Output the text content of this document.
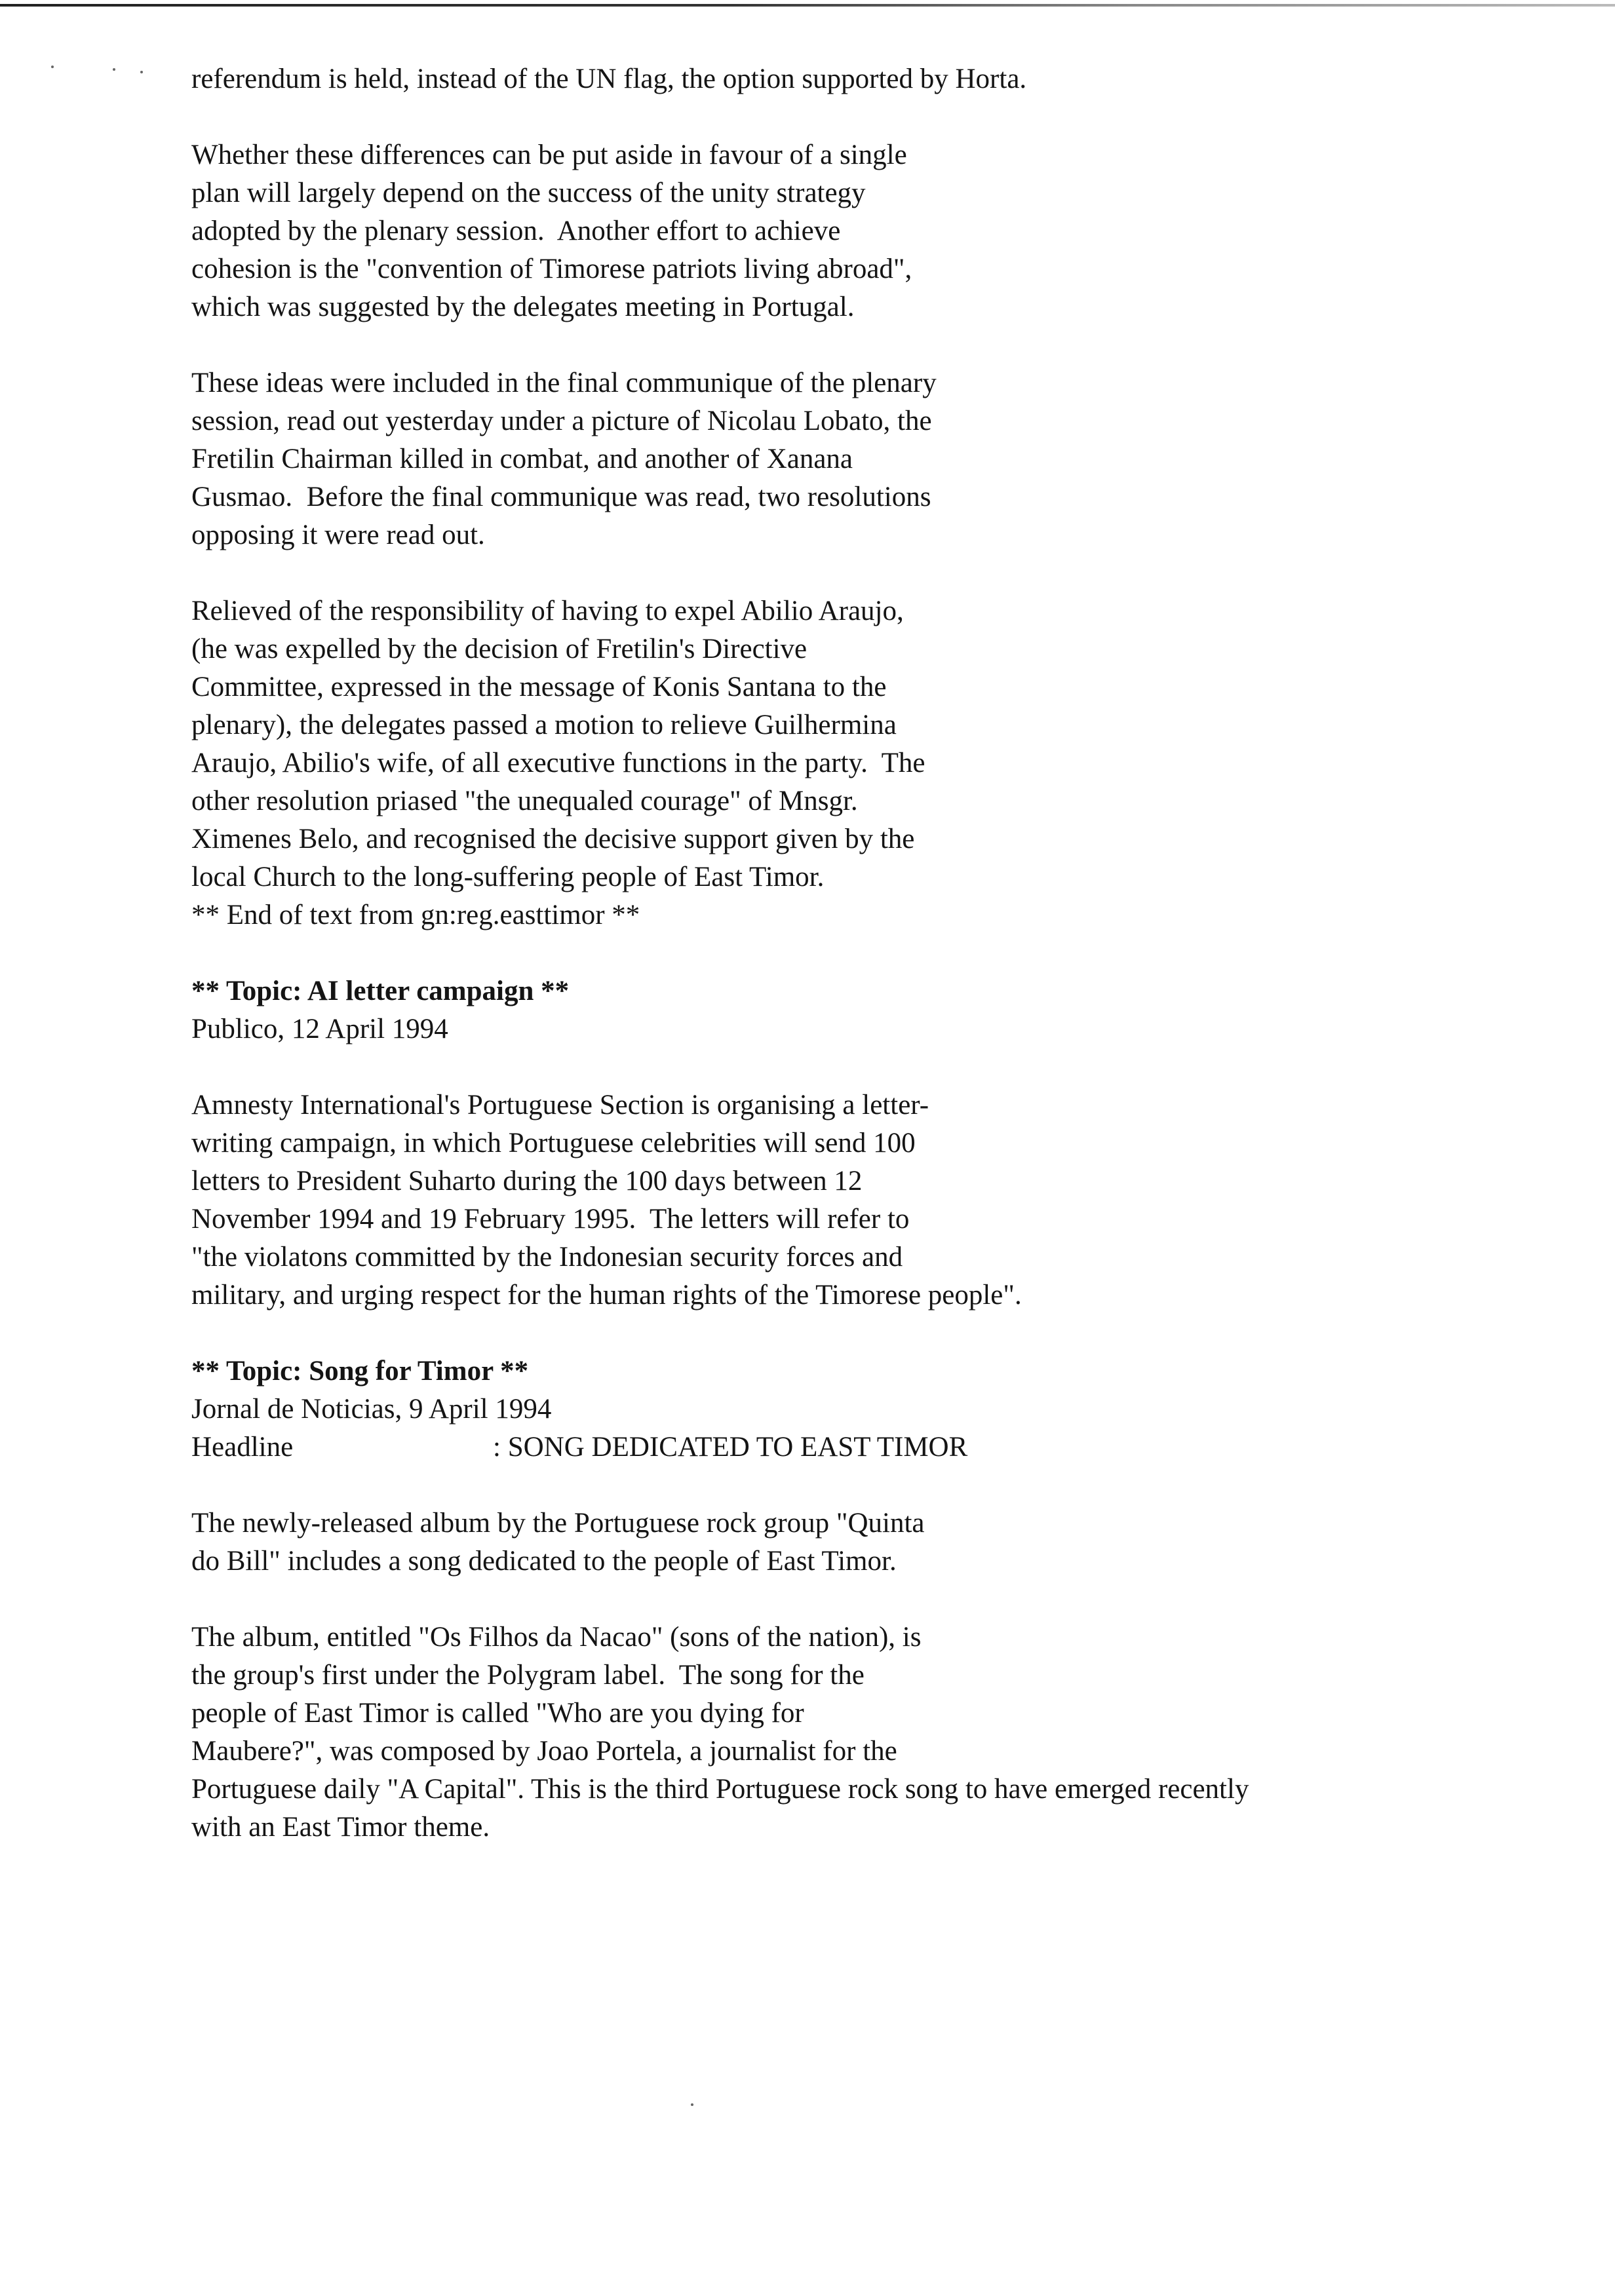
referendum is held, instead of the UN flag, the option supported by Horta.
Whether these differences can be put aside in favour of a single
plan will largely depend on the success of the unity strategy
adopted by the plenary session.  Another effort to achieve
cohesion is the "convention of Timorese patriots living abroad",
which was suggested by the delegates meeting in Portugal.
These ideas were included in the final communique of the plenary
session, read out yesterday under a picture of Nicolau Lobato, the
Fretilin Chairman killed in combat, and another of Xanana
Gusmao.  Before the final communique was read, two resolutions
opposing it were read out.
Relieved of the responsibility of having to expel Abilio Araujo,
(he was expelled by the decision of Fretilin's Directive
Committee, expressed in the message of Konis Santana to the
plenary), the delegates passed a motion to relieve Guilhermina
Araujo, Abilio's wife, of all executive functions in the party.  The
other resolution priased "the unequaled courage" of Mnsgr.
Ximenes Belo, and recognised the decisive support given by the
local Church to the long-suffering people of East Timor.
** End of text from gn:reg.easttimor **
** Topic: AI letter campaign **
Publico, 12 April 1994
Amnesty International's Portuguese Section is organising a letter-
writing campaign, in which Portuguese celebrities will send 100
letters to President Suharto during the 100 days between 12
November 1994 and 19 February 1995.  The letters will refer to
"the violatons committed by the Indonesian security forces and
military, and urging respect for the human rights of the Timorese people".
** Topic: Song for Timor **
Jornal de Noticias, 9 April 1994
Headline	: SONG DEDICATED TO EAST TIMOR
The newly-released album by the Portuguese rock group "Quinta
do Bill" includes a song dedicated to the people of East Timor.
The album, entitled "Os Filhos da Nacao" (sons of the nation), is
the group's first under the Polygram label.  The song for the
people of East Timor is called "Who are you dying for
Maubere?", was composed by Joao Portela, a journalist for the
Portuguese daily "A Capital". This is the third Portuguese rock song to have emerged recently
with an East Timor theme.
